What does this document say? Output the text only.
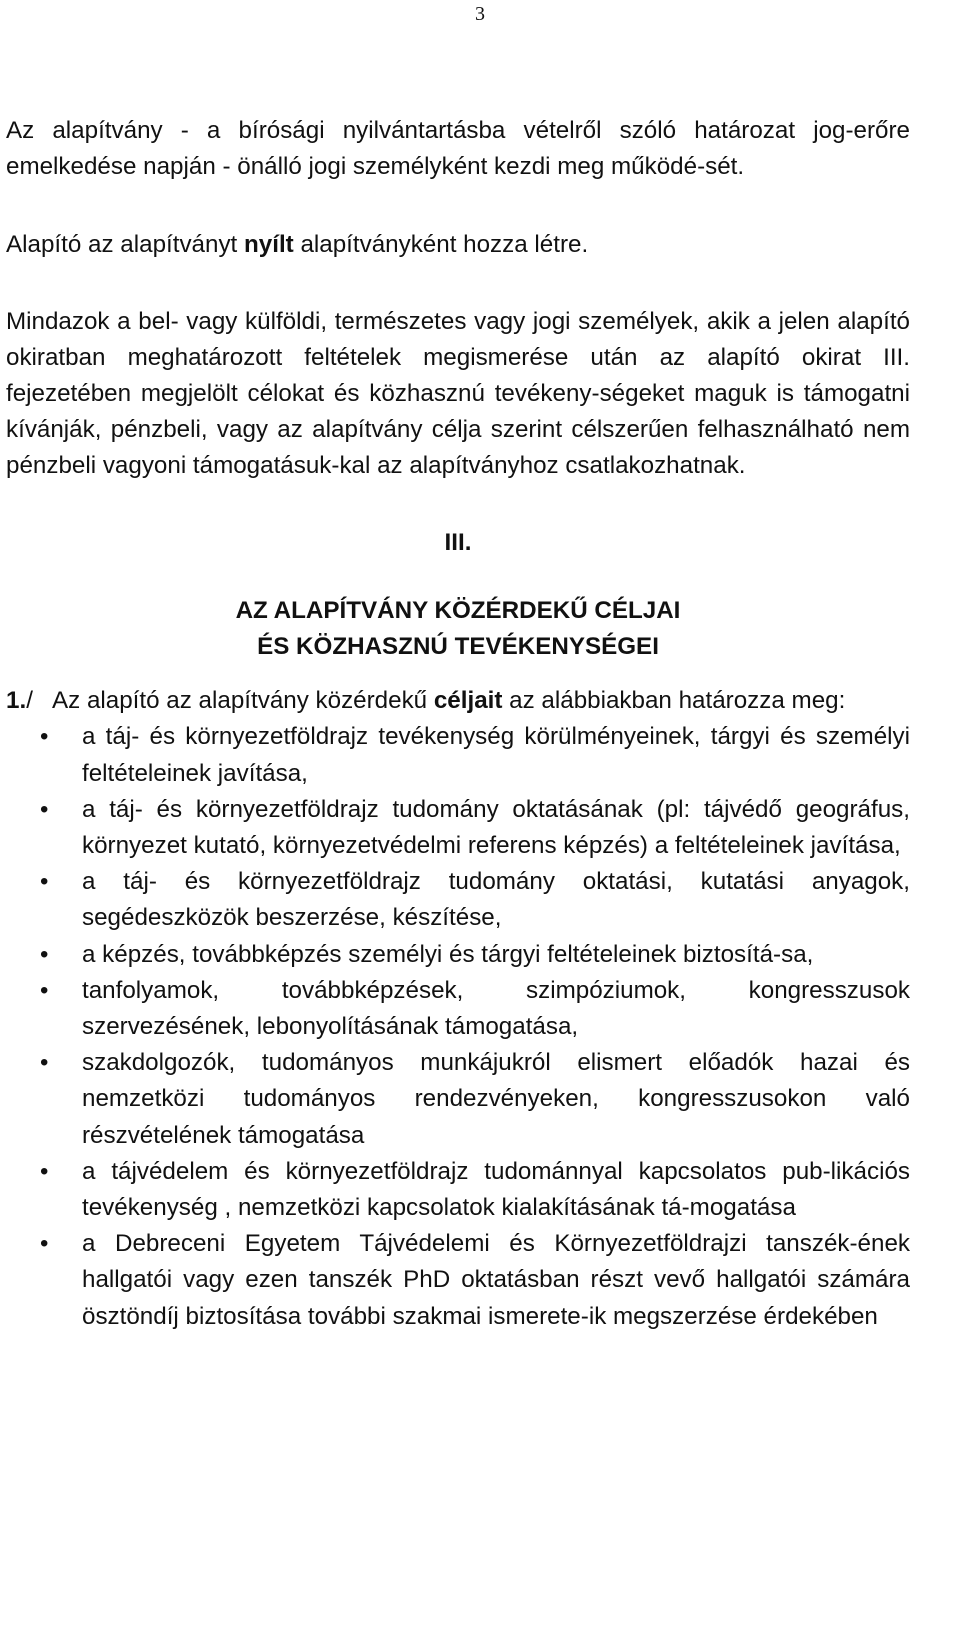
3

Az alapítvány - a bírósági nyilvántartásba vételről szóló határozat jog-erőre emelkedése napján - önálló jogi személyként kezdi meg működé-sét.

Alapító az alapítványt nyílt alapítványként hozza létre.

Mindazok a bel- vagy külföldi, természetes vagy jogi személyek, akik a jelen alapító okiratban meghatározott feltételek megismerése után az alapító okirat III. fejezetében megjelölt célokat és közhasznú tevékeny-ségeket maguk is támogatni kívánják, pénzbeli, vagy az alapítvány célja szerint célszerűen felhasználható nem pénzbeli vagyoni támogatásuk-kal az alapítványhoz csatlakozhatnak.

III.
AZ ALAPÍTVÁNY KÖZÉRDEKŰ CÉLJAI
ÉS KÖZHASZNÚ TEVÉKENYSÉGEI
1./ Az alapító az alapítvány közérdekű céljait az alábbiakban határozza meg:
• a táj- és környezetföldrajz tevékenység körülményeinek, tárgyi és személyi feltételeinek javítása,
• a táj- és környezetföldrajz tudomány oktatásának (pl: tájvédő geográfus, környezet kutató, környezetvédelmi referens képzés) a feltételeinek javítása,
• a táj- és környezetföldrajz tudomány oktatási, kutatási anyagok, segédeszközök beszerzése, készítése,
• a képzés, továbbképzés személyi és tárgyi feltételeinek biztosítá-sa,
• tanfolyamok, továbbképzések, szimpóziumok, kongresszusok szervezésének, lebonyolításának támogatása,
• szakdolgozók, tudományos munkájukról elismert előadók hazai és nemzetközi tudományos rendezvényeken, kongresszusokon való részvételének támogatása
• a tájvédelem és környezetföldrajz tudománnyal kapcsolatos pub-likációs tevékenység , nemzetközi kapcsolatok kialakításának tá-mogatása
• a Debreceni Egyetem Tájvédelemi és Környezetföldrajzi tanszék-ének hallgatói vagy ezen tanszék PhD oktatásban részt vevő hallgatói számára ösztöndíj biztosítása további szakmai ismerete-ik megszerzése érdekében
